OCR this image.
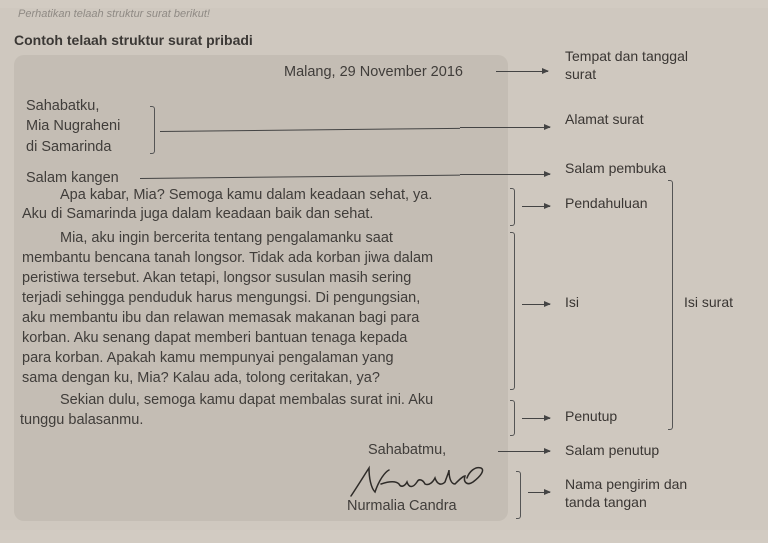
Perhatikan telaah struktur surat berikut!
Contoh telaah struktur surat pribadi
Malang, 29 November 2016
Sahabatku,
Mia Nugraheni
di Samarinda
Salam kangen
Apa kabar, Mia? Semoga kamu dalam keadaan sehat, ya.
Aku di Samarinda juga dalam keadaan baik dan sehat.
Mia, aku ingin bercerita tentang pengalamanku saat
membantu bencana tanah longsor. Tidak ada korban jiwa dalam
peristiwa tersebut. Akan tetapi, longsor susulan masih sering
terjadi sehingga penduduk harus mengungsi. Di pengungsian,
aku membantu ibu dan relawan memasak makanan bagi para
korban. Aku senang dapat memberi bantuan tenaga kepada
para korban. Apakah kamu mempunyai pengalaman yang
sama dengan ku, Mia? Kalau ada, tolong ceritakan, ya?
Sekian dulu, semoga kamu dapat membalas surat ini. Aku
tunggu balasanmu.
Sahabatmu,
Nurmalia Candra
Tempat dan tanggal
surat
Alamat surat
Salam pembuka
Pendahuluan
Isi	Isi surat
Penutup
Salam penutup
Nama pengirim dan
tanda tangan
